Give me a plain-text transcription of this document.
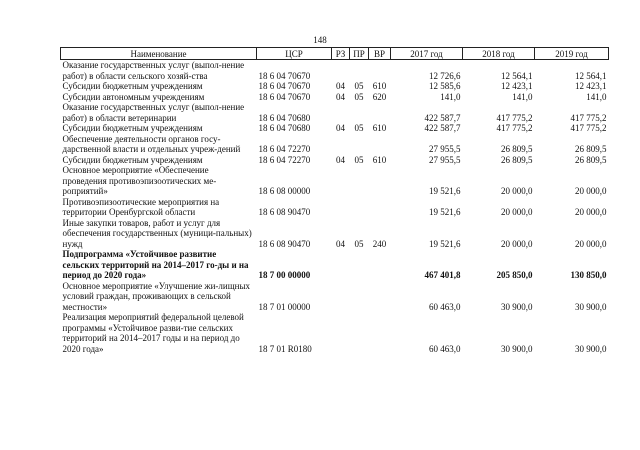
148
Наименование	ЦСР	РЗ	ПР	ВР	2017 год	2018 год	2019 год
Оказание государственных услуг (выпол-нение работ) в области сельского хозяй-ства	18 6 04 70670				12 726,6	12 564,1	12 564,1
Субсидии бюджетным учреждениям	18 6 04 70670	04	05	610	12 585,6	12 423,1	12 423,1
Субсидии автономным учреждениям	18 6 04 70670	04	05	620	141,0	141,0	141,0
Оказание государственных услуг (выпол-нение работ) в области ветеринарии	18 6 04 70680				422 587,7	417 775,2	417 775,2
Субсидии бюджетным учреждениям	18 6 04 70680	04	05	610	422 587,7	417 775,2	417 775,2
Обеспечение деятельности органов госу-дарственной власти и отдельных учреж-дений	18 6 04 72270				27 955,5	26 809,5	26 809,5
Субсидии бюджетным учреждениям	18 6 04 72270	04	05	610	27 955,5	26 809,5	26 809,5
Основное мероприятие «Обеспечение проведения противоэпизоотических ме-роприятий»	18 6 08 00000				19 521,6	20 000,0	20 000,0
Противоэпизоотические мероприятия на территории Оренбургской области	18 6 08 90470				19 521,6	20 000,0	20 000,0
Иные закупки товаров, работ и услуг для обеспечения государственных (муници-пальных) нужд	18 6 08 90470	04	05	240	19 521,6	20 000,0	20 000,0
Подпрограмма «Устойчивое развитие сельских территорий на 2014–2017 го-ды и на период до 2020 года»	18 7 00 00000				467 401,8	205 850,0	130 850,0
Основное мероприятие «Улучшение жи-лищных условий граждан, проживающих в сельской местности»	18 7 01 00000				60 463,0	30 900,0	30 900,0
Реализация мероприятий федеральной целевой программы «Устойчивое разви-тие сельских территорий на 2014–2017 годы и на период до 2020 года»	18 7 01 R0180				60 463,0	30 900,0	30 900,0
